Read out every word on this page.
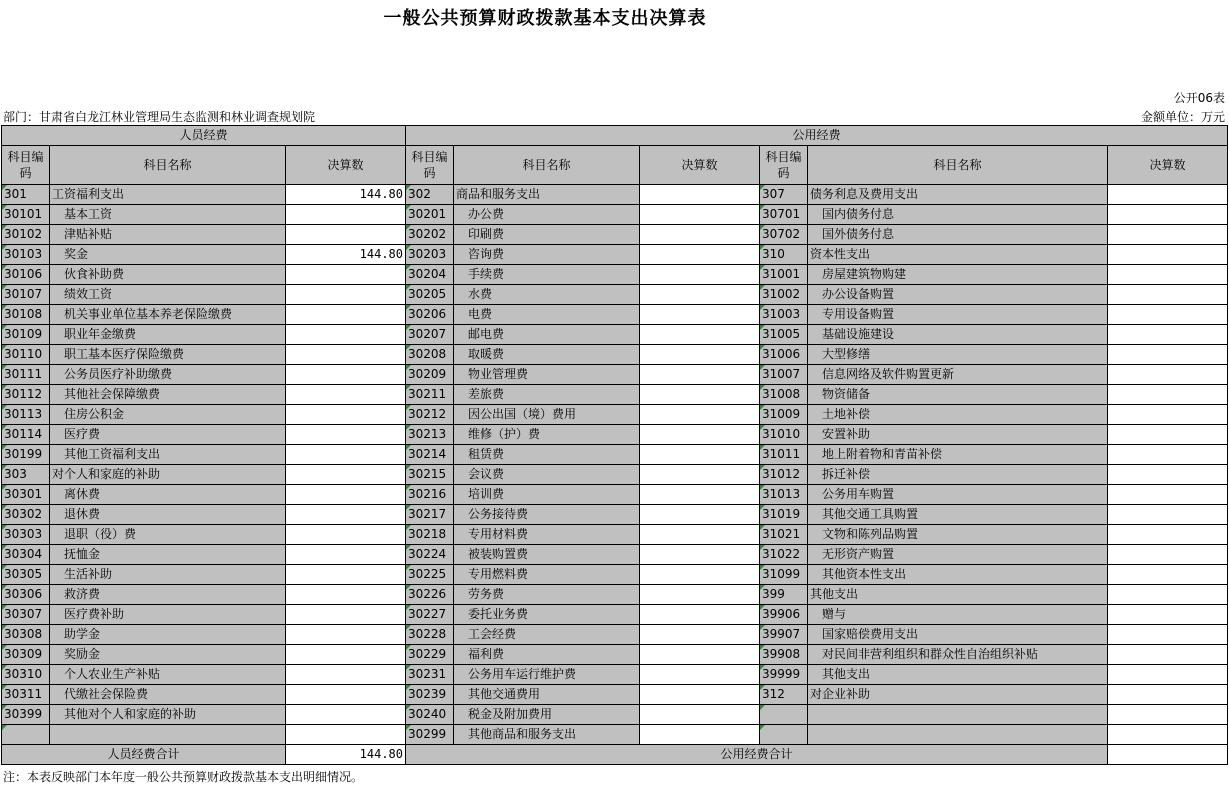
一般公共预算财政拨款基本支出决算表
公开06表
部门：甘肃省白龙江林业管理局生态监测和林业调查规划院	金额单位：万元
人员经费			公用经费					
科目编码	科目名称	决算数	科目编码	科目名称	决算数	科目编码	科目名称	决算数
301	工资福利支出	144.80	302	商品和服务支出		307	债务利息及费用支出	
30101	基本工资		30201	办公费		30701	国内债务付息	
30102	津贴补贴		30202	印刷费		30702	国外债务付息	
30103	奖金	144.80	30203	咨询费		310	资本性支出	
30106	伙食补助费		30204	手续费		31001	房屋建筑物购建	
30107	绩效工资		30205	水费		31002	办公设备购置	
30108	机关事业单位基本养老保险缴费		30206	电费		31003	专用设备购置	
30109	职业年金缴费		30207	邮电费		31005	基础设施建设	
30110	职工基本医疗保险缴费		30208	取暖费		31006	大型修缮	
30111	公务员医疗补助缴费		30209	物业管理费		31007	信息网络及软件购置更新	
30112	其他社会保障缴费		30211	差旅费		31008	物资储备	
30113	住房公积金		30212	因公出国（境）费用		31009	土地补偿	
30114	医疗费		30213	维修（护）费		31010	安置补助	
30199	其他工资福利支出		30214	租赁费		31011	地上附着物和青苗补偿	
303	对个人和家庭的补助		30215	会议费		31012	拆迁补偿	
30301	离休费		30216	培训费		31013	公务用车购置	
30302	退休费		30217	公务接待费		31019	其他交通工具购置	
30303	退职（役）费		30218	专用材料费		31021	文物和陈列品购置	
30304	抚恤金		30224	被装购置费		31022	无形资产购置	
30305	生活补助		30225	专用燃料费		31099	其他资本性支出	
30306	救济费		30226	劳务费		399	其他支出	
30307	医疗费补助		30227	委托业务费		39906	赠与	
30308	助学金		30228	工会经费		39907	国家赔偿费用支出	
30309	奖励金		30229	福利费		39908	对民间非营利组织和群众性自治组织补贴	
30310	个人农业生产补贴		30231	公务用车运行维护费		39999	其他支出	
30311	代缴社会保险费		30239	其他交通费用		312	对企业补助	
30399	其他对个人和家庭的补助		30240	税金及附加费用				
			30299	其他商品和服务支出				
人员经费合计		144.80	公用经费合计					
注：本表反映部门本年度一般公共预算财政拨款基本支出明细情况。
